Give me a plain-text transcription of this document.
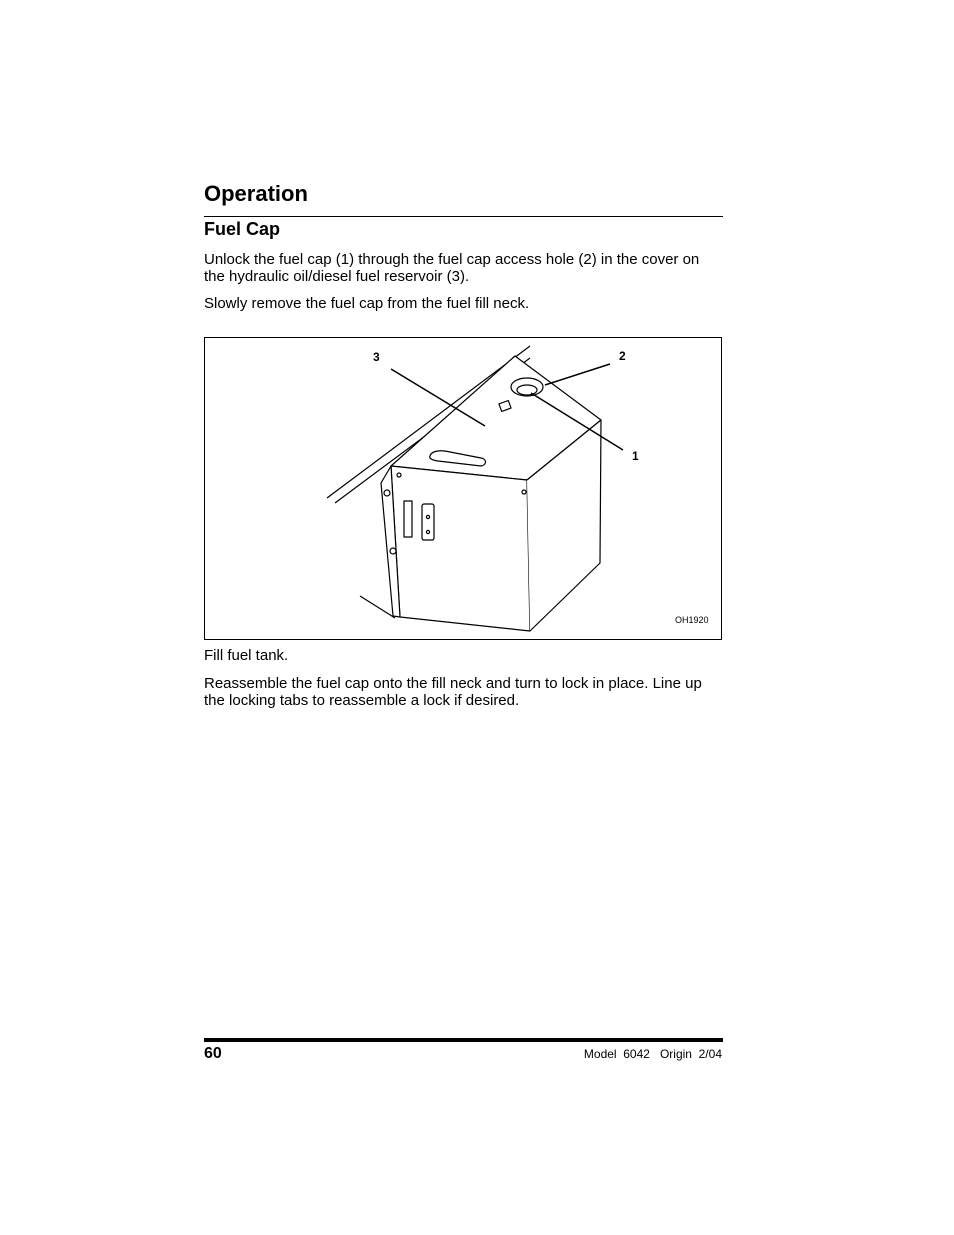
Operation
Fuel Cap

Unlock the fuel cap (1) through the fuel cap access hole (2) in the cover on the hydraulic oil/diesel fuel reservoir (3).

Slowly remove the fuel cap from the fuel fill neck.

3	2
1
OH1920

Fill fuel tank.

Reassemble the fuel cap onto the fill neck and turn to lock in place. Line up the locking tabs to reassemble a lock if desired.

60	Model  6042   Origin  2/04
